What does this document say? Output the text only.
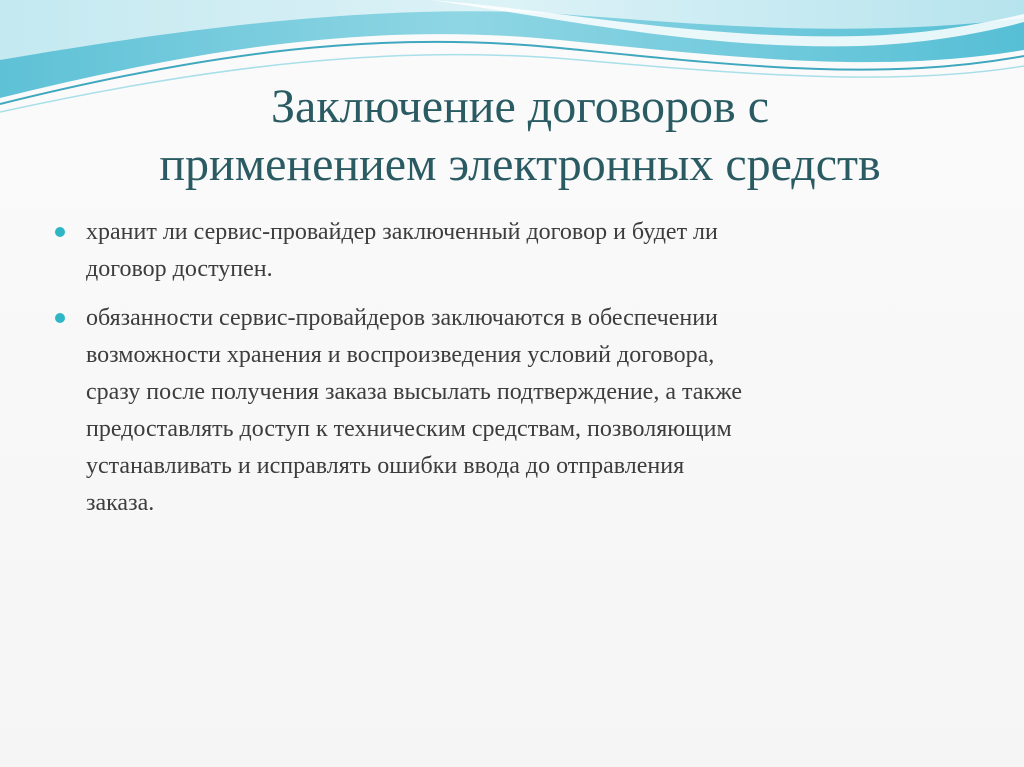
Заключение договоров с
применением электронных средств
хранит ли сервис-провайдер заключенный договор и будет ли
договор доступен.
обязанности сервис-провайдеров заключаются в обеспечении
возможности хранения и воспроизведения условий договора,
сразу после получения заказа высылать подтверждение, а также
предоставлять доступ к техническим средствам, позволяющим
устанавливать и исправлять ошибки ввода до отправления
заказа.
